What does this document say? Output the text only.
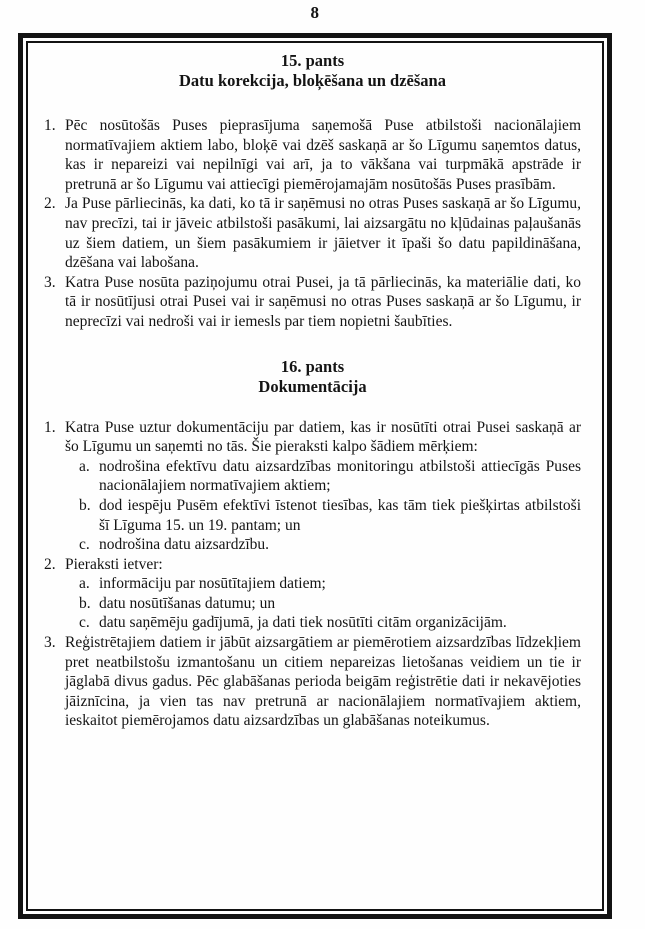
8
15. pants
Datu korekcija, bloķēšana un dzēšana
1. Pēc nosūtošās Puses pieprasījuma saņemošā Puse atbilstoši nacionālajiem normatīvajiem aktiem labo, bloķē vai dzēš saskaņā ar šo Līgumu saņemtos datus, kas ir nepareizi vai nepilnīgi vai arī, ja to vākšana vai turpmākā apstrāde ir pretrunā ar šo Līgumu vai attiecīgi piemērojamajām nosūtošās Puses prasībām.
2. Ja Puse pārliecinās, ka dati, ko tā ir saņēmusi no otras Puses saskaņā ar šo Līgumu, nav precīzi, tai ir jāveic atbilstoši pasākumi, lai aizsargātu no kļūdainas paļaušanās uz šiem datiem, un šiem pasākumiem ir jāietver it īpaši šo datu papildināšana, dzēšana vai labošana.
3. Katra Puse nosūta paziņojumu otrai Pusei, ja tā pārliecinās, ka materiālie dati, ko tā ir nosūtījusi otrai Pusei vai ir saņēmusi no otras Puses saskaņā ar šo Līgumu, ir neprecīzi vai nedroši vai ir iemesls par tiem nopietni šaubīties.
16. pants
Dokumentācija
1. Katra Puse uztur dokumentāciju par datiem, kas ir nosūtīti otrai Pusei saskaņā ar šo Līgumu un saņemti no tās. Šie pieraksti kalpo šādiem mērķiem:
a. nodrošina efektīvu datu aizsardzības monitoringu atbilstoši attiecīgās Puses nacionālajiem normatīvajiem aktiem;
b. dod iespēju Pusēm efektīvi īstenot tiesības, kas tām tiek piešķirtas atbilstoši šī Līguma 15. un 19. pantam; un
c. nodrošina datu aizsardzību.
2. Pieraksti ietver:
a. informāciju par nosūtītajiem datiem;
b. datu nosūtīšanas datumu; un
c. datu saņēmēju gadījumā, ja dati tiek nosūtīti citām organizācijām.
3. Reģistrētajiem datiem ir jābūt aizsargātiem ar piemērotiem aizsardzības līdzekļiem pret neatbilstošu izmantošanu un citiem nepareizas lietošanas veidiem un tie ir jāglabā divus gadus. Pēc glabāšanas perioda beigām reģistrētie dati ir nekavējoties jāiznīcina, ja vien tas nav pretrunā ar nacionālajiem normatīvajiem aktiem, ieskaitot piemērojamos datu aizsardzības un glabāšanas noteikumus.
